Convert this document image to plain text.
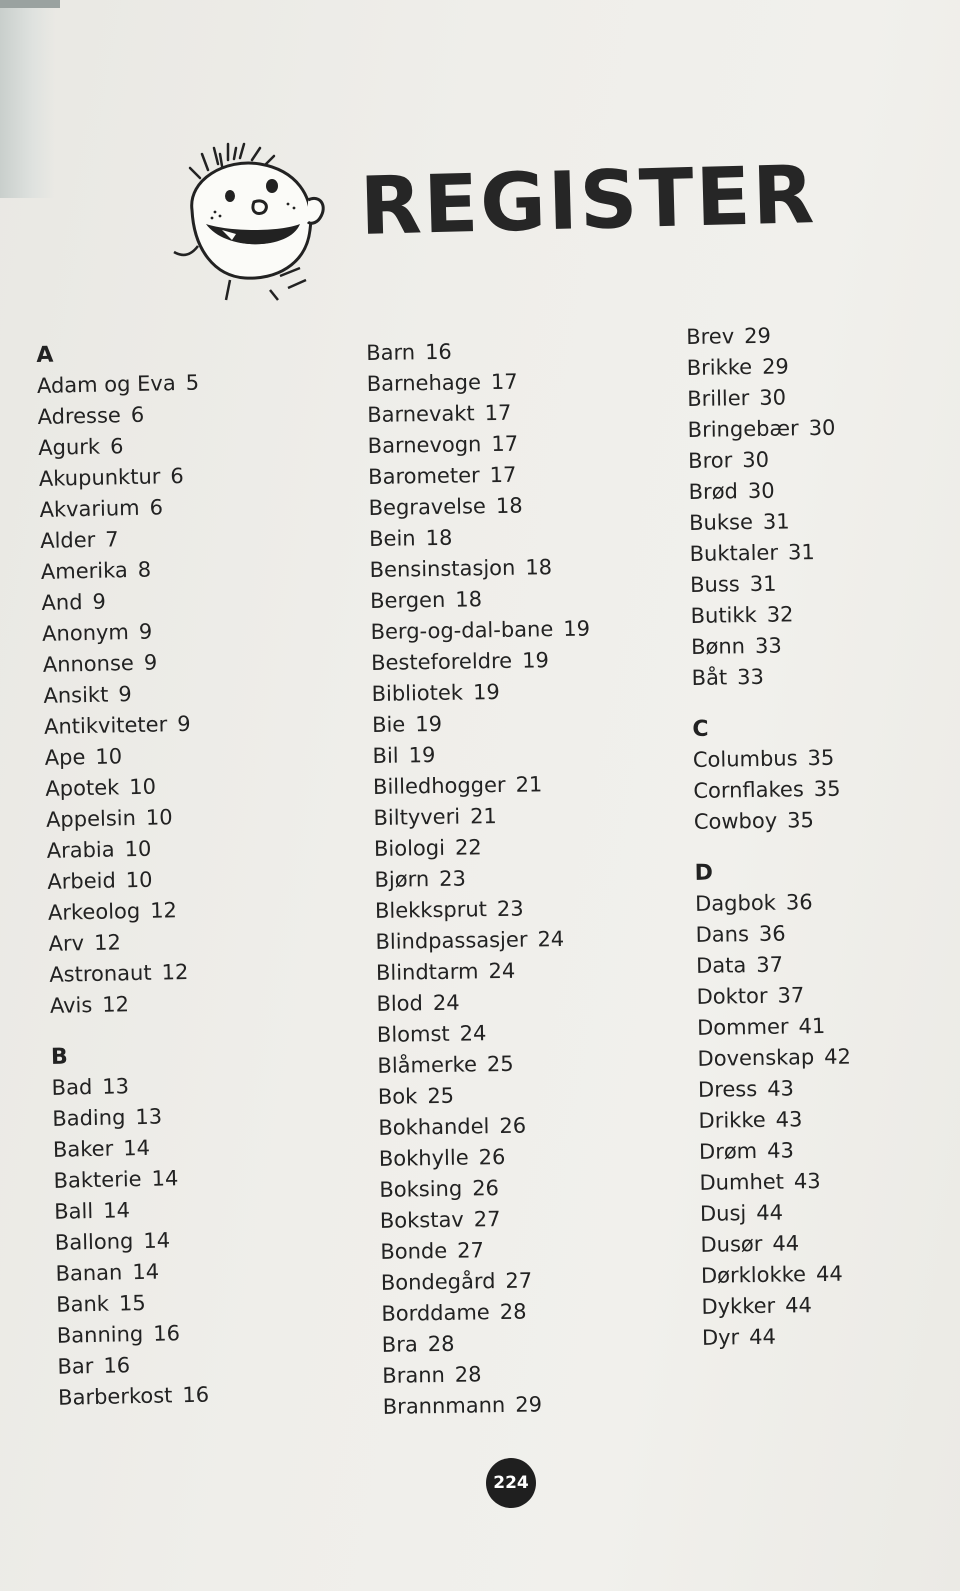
REGISTER
A
Adam og Eva 5
Adresse 6
Agurk 6
Akupunktur 6
Akvarium 6
Alder 7
Amerika 8
And 9
Anonym 9
Annonse 9
Ansikt 9
Antikviteter 9
Ape 10
Apotek 10
Appelsin 10
Arabia 10
Arbeid 10
Arkeolog 12
Arv 12
Astronaut 12
Avis 12
B
Bad 13
Bading 13
Baker 14
Bakterie 14
Ball 14
Ballong 14
Banan 14
Bank 15
Banning 16
Bar 16
Barberkost 16
Barn 16
Barnehage 17
Barnevakt 17
Barnevogn 17
Barometer 17
Begravelse 18
Bein 18
Bensinstasjon 18
Bergen 18
Berg-og-dal-bane 19
Besteforeldre 19
Bibliotek 19
Bie 19
Bil 19
Billedhogger 21
Biltyveri 21
Biologi 22
Bjørn 23
Blekksprut 23
Blindpassasjer 24
Blindtarm 24
Blod 24
Blomst 24
Blåmerke 25
Bok 25
Bokhandel 26
Bokhylle 26
Boksing 26
Bokstav 27
Bonde 27
Bondegård 27
Borddame 28
Bra 28
Brann 28
Brannmann 29
Brev 29
Brikke 29
Briller 30
Bringebær 30
Bror 30
Brød 30
Bukse 31
Buktaler 31
Buss 31
Butikk 32
Bønn 33
Båt 33
C
Columbus 35
Cornflakes 35
Cowboy 35
D
Dagbok 36
Dans 36
Data 37
Doktor 37
Dommer 41
Dovenskap 42
Dress 43
Drikke 43
Drøm 43
Dumhet 43
Dusj 44
Dusør 44
Dørklokke 44
Dykker 44
Dyr 44
224
